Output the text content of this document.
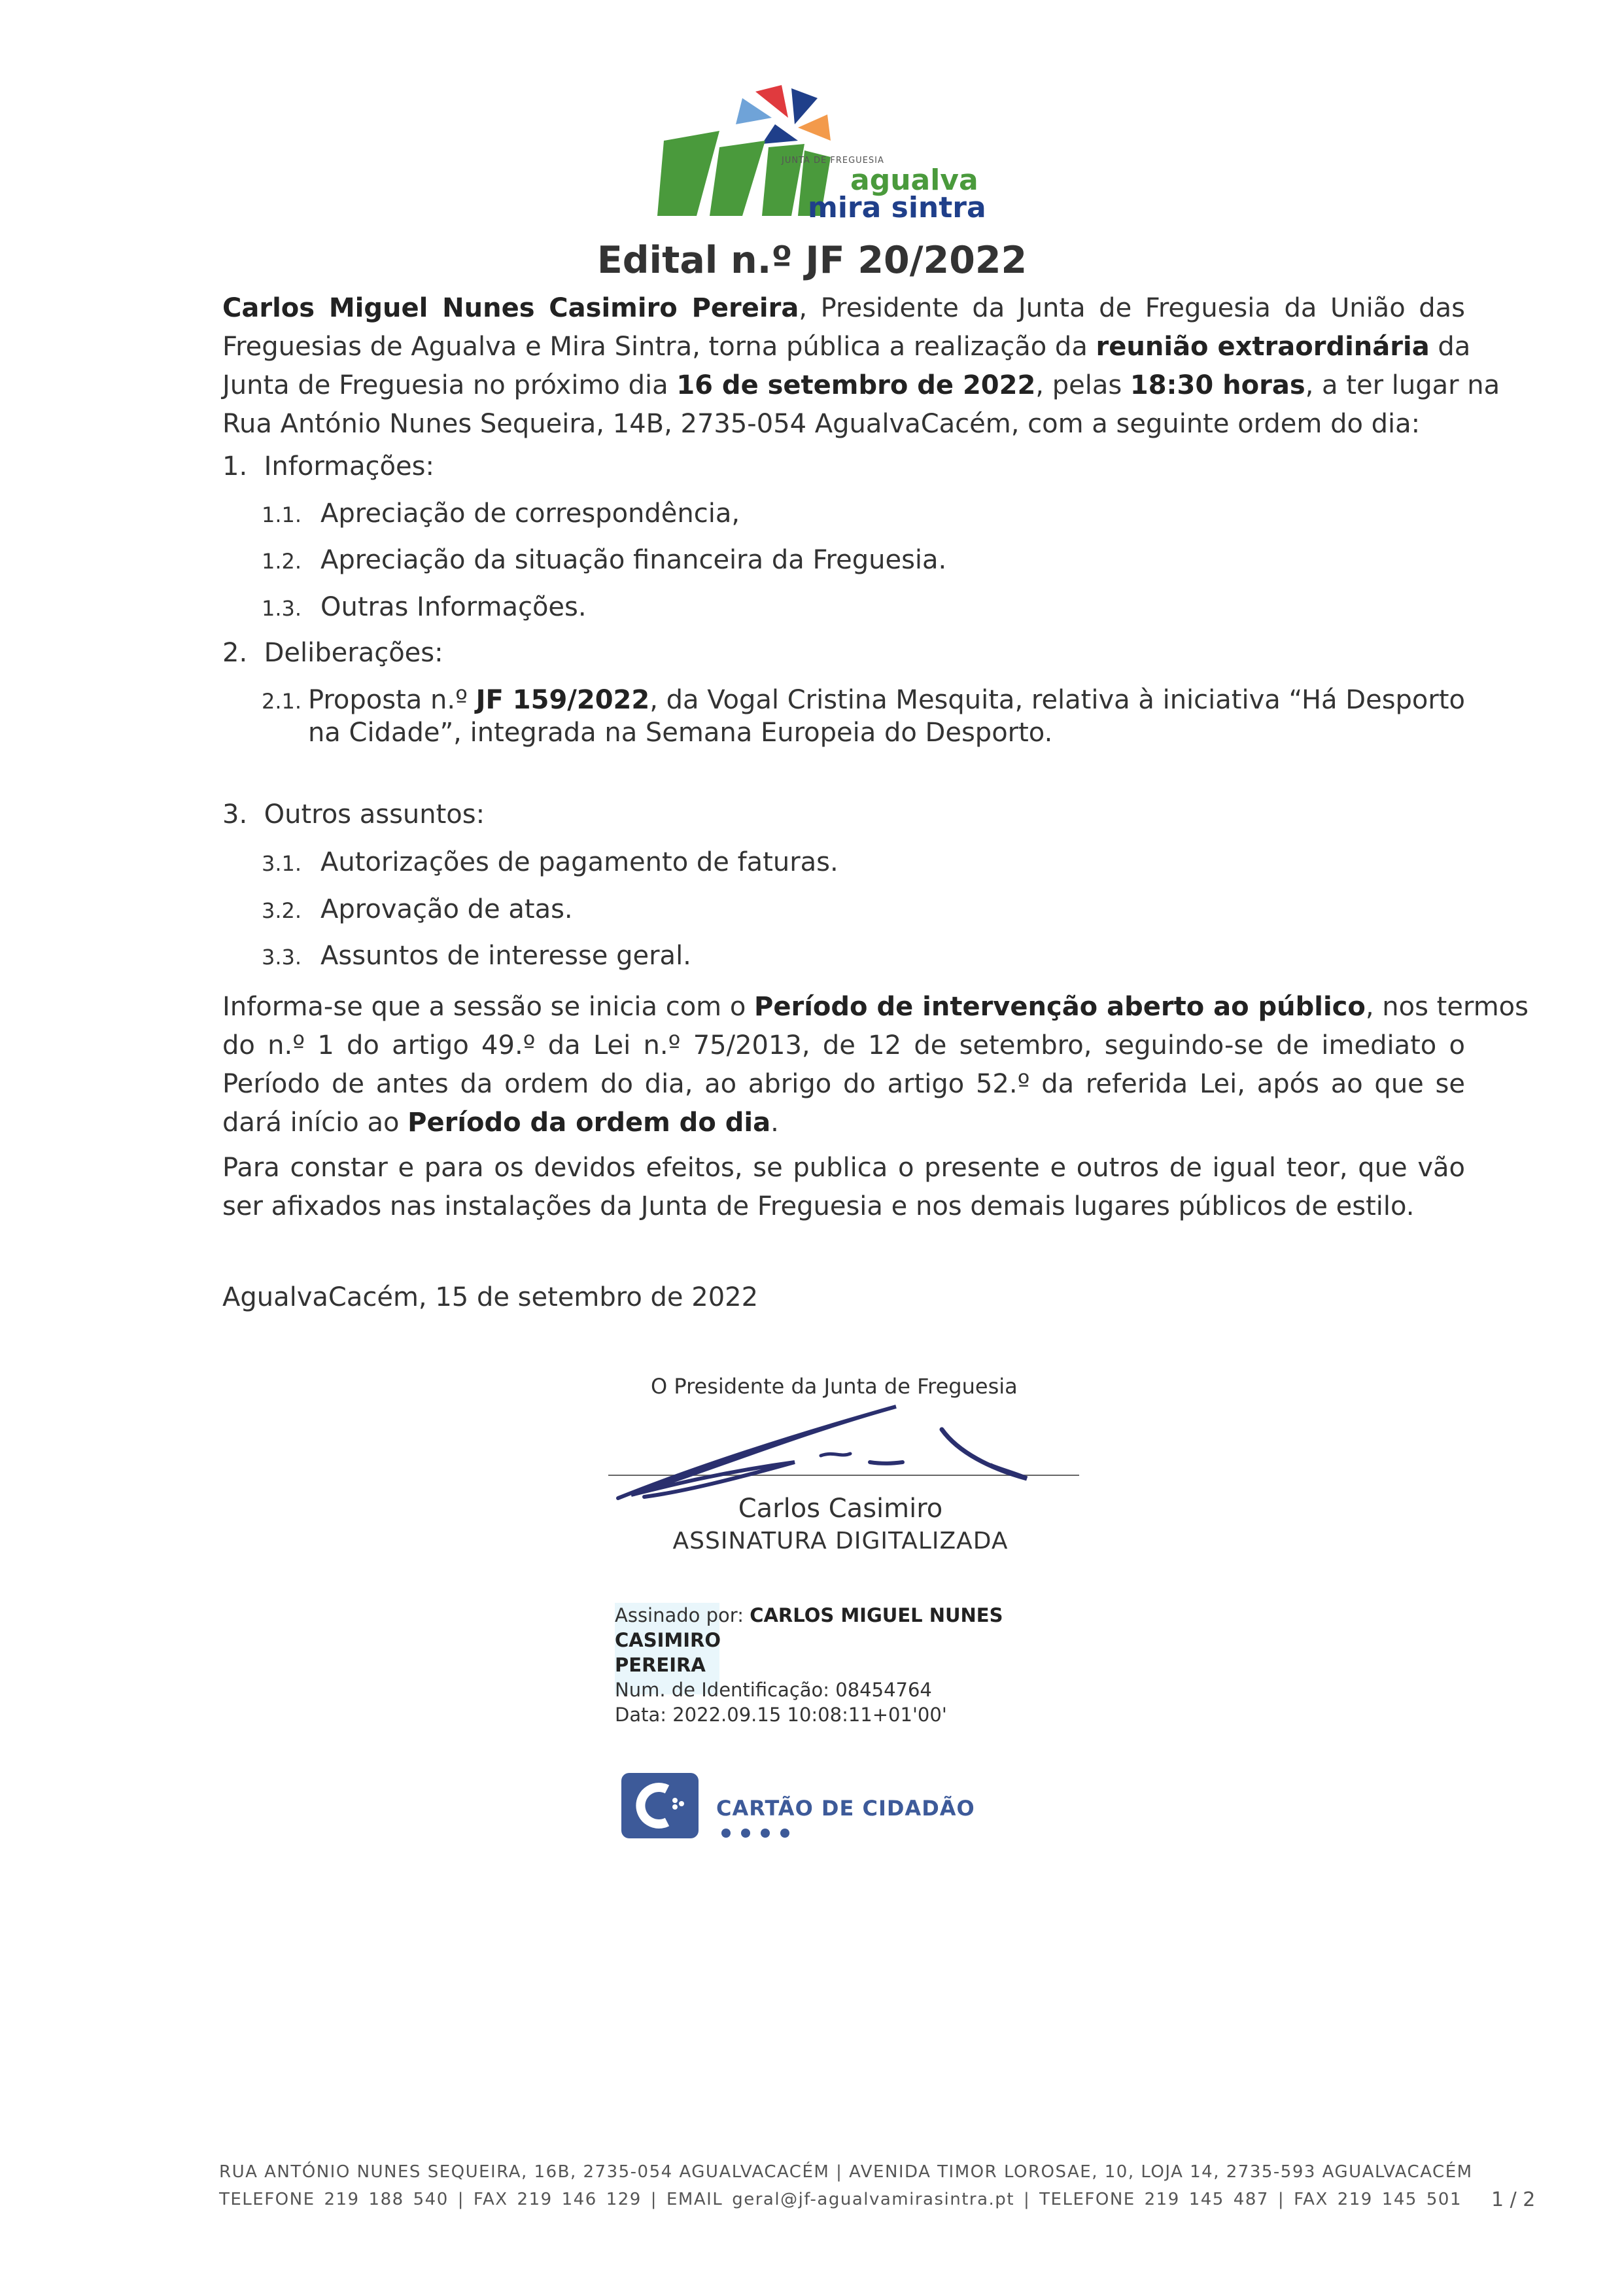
JUNTA DE FREGUESIA
agualva
mira sintra
Edital n.º JF 20/2022
Carlos Miguel Nunes Casimiro Pereira, Presidente da Junta de Freguesia da União das
Freguesias de Agualva e Mira Sintra, torna pública a realização da reunião extraordinária da
Junta de Freguesia no próximo dia 16 de setembro de 2022, pelas 18:30 horas, a ter lugar na
Rua António Nunes Sequeira, 14B, 2735-054 AgualvaCacém, com a seguinte ordem do dia:
1. Informações:
1.1. Apreciação de correspondência,
1.2. Apreciação da situação financeira da Freguesia.
1.3. Outras Informações.
2. Deliberações:
2.1. Proposta n.º JF 159/2022, da Vogal Cristina Mesquita, relativa à iniciativa “Há Desporto
na Cidade”, integrada na Semana Europeia do Desporto.
3. Outros assuntos:
3.1. Autorizações de pagamento de faturas.
3.2. Aprovação de atas.
3.3. Assuntos de interesse geral.
Informa-se que a sessão se inicia com o Período de intervenção aberto ao público, nos termos
do n.º 1 do artigo 49.º da Lei n.º 75/2013, de 12 de setembro, seguindo-se de imediato o
Período de antes da ordem do dia, ao abrigo do artigo 52.º da referida Lei, após ao que se
dará início ao Período da ordem do dia.
Para constar e para os devidos efeitos, se publica o presente e outros de igual teor, que vão
ser afixados nas instalações da Junta de Freguesia e nos demais lugares públicos de estilo.
AgualvaCacém, 15 de setembro de 2022
O Presidente da Junta de Freguesia
Carlos Casimiro
ASSINATURA DIGITALIZADA
Assinado por: CARLOS MIGUEL NUNES CASIMIRO
PEREIRA
Num. de Identificação: 08454764
Data: 2022.09.15 10:08:11+01'00'
CARTÃO DE CIDADÃO
RUA ANTÓNIO NUNES SEQUEIRA, 16B, 2735-054 AGUALVACACÉM | AVENIDA TIMOR LOROSAE, 10, LOJA 14, 2735-593 AGUALVACACÉM
TELEFONE 219 188 540 | FAX 219 146 129 | EMAIL geral@jf-agualvamirasintra.pt | TELEFONE 219 145 487 | FAX 219 145 501 1 / 2
